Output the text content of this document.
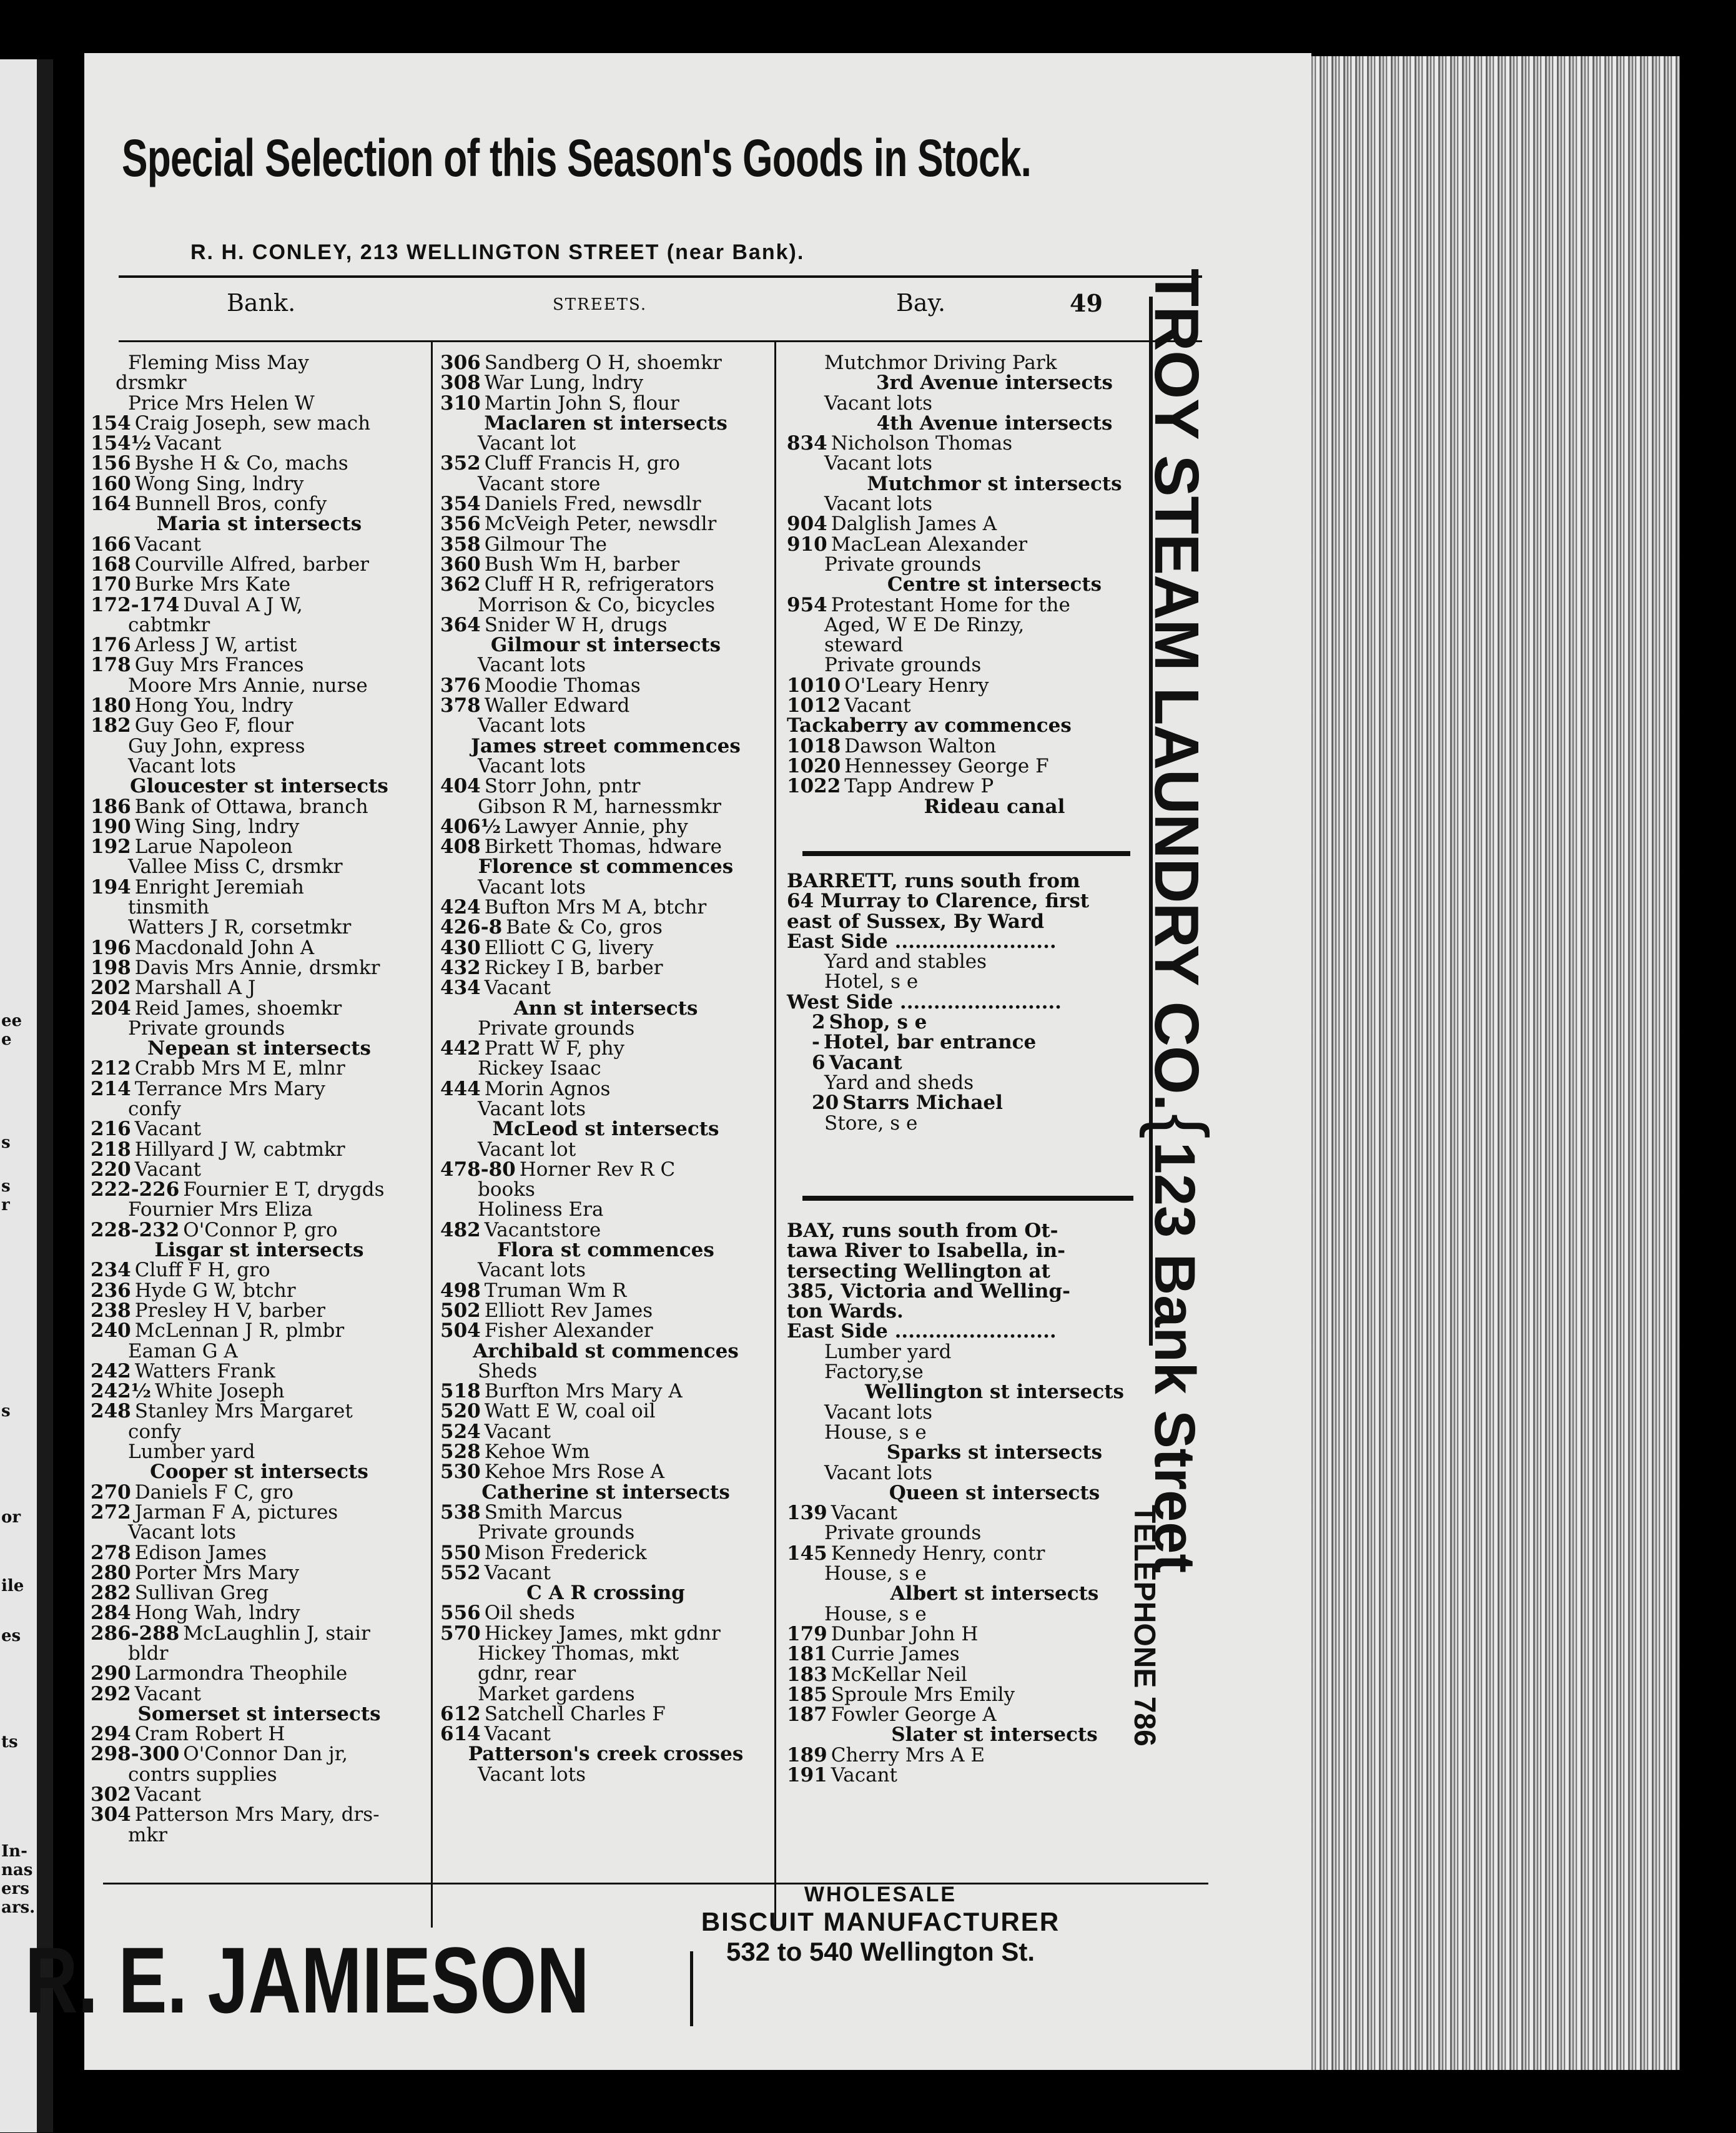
ee
e
s
s
r
s
or
ile
es
ts
In-
nas
ers
ars.
Special Selection of this Season's Goods in Stock.
R. H. CONLEY, 213 WELLINGTON STREET (near Bank).
Bank.	STREETS.	Bay.	49
Fleming Miss May
drsmkr
Price Mrs Helen W
154 Craig Joseph, sew mach
154½ Vacant
156 Byshe H & Co, machs
160 Wong Sing, lndry
164 Bunnell Bros, confy
Maria st intersects
166 Vacant
168 Courville Alfred, barber
170 Burke Mrs Kate
172-174 Duval A J W,
cabtmkr
176 Arless J W, artist
178 Guy Mrs Frances
Moore Mrs Annie, nurse
180 Hong You, lndry
182 Guy Geo F, flour
Guy John, express
Vacant lots
Gloucester st intersects
186 Bank of Ottawa, branch
190 Wing Sing, lndry
192 Larue Napoleon
Vallee Miss C, drsmkr
194 Enright Jeremiah
tinsmith
Watters J R, corsetmkr
196 Macdonald John A
198 Davis Mrs Annie, drsmkr
202 Marshall A J
204 Reid James, shoemkr
Private grounds
Nepean st intersects
212 Crabb Mrs M E, mlnr
214 Terrance Mrs Mary
confy
216 Vacant
218 Hillyard J W, cabtmkr
220 Vacant
222-226 Fournier E T, drygds
Fournier Mrs Eliza
228-232 O'Connor P, gro
Lisgar st intersects
234 Cluff F H, gro
236 Hyde G W, btchr
238 Presley H V, barber
240 McLennan J R, plmbr
Eaman G A
242 Watters Frank
242½ White Joseph
248 Stanley Mrs Margaret
confy
Lumber yard
Cooper st intersects
270 Daniels F C, gro
272 Jarman F A, pictures
Vacant lots
278 Edison James
280 Porter Mrs Mary
282 Sullivan Greg
284 Hong Wah, lndry
286-288 McLaughlin J, stair
bldr
290 Larmondra Theophile
292 Vacant
Somerset st intersects
294 Cram Robert H
298-300 O'Connor Dan jr,
contrs supplies
302 Vacant
304 Patterson Mrs Mary, drs-
mkr
306 Sandberg O H, shoemkr
308 War Lung, lndry
310 Martin John S, flour
Maclaren st intersects
Vacant lot
352 Cluff Francis H, gro
Vacant store
354 Daniels Fred, newsdlr
356 McVeigh Peter, newsdlr
358 Gilmour The
360 Bush Wm H, barber
362 Cluff H R, refrigerators
Morrison & Co, bicycles
364 Snider W H, drugs
Gilmour st intersects
Vacant lots
376 Moodie Thomas
378 Waller Edward
Vacant lots
James street commences
Vacant lots
404 Storr John, pntr
Gibson R M, harnessmkr
406½ Lawyer Annie, phy
408 Birkett Thomas, hdware
Florence st commences
Vacant lots
424 Bufton Mrs M A, btchr
426-8 Bate & Co, gros
430 Elliott C G, livery
432 Rickey I B, barber
434 Vacant
Ann st intersects
Private grounds
442 Pratt W F, phy
Rickey Isaac
444 Morin Agnos
Vacant lots
McLeod st intersects
Vacant lot
478-80 Horner Rev R C
books
Holiness Era
482 Vacantstore
Flora st commences
Vacant lots
498 Truman Wm R
502 Elliott Rev James
504 Fisher Alexander
Archibald st commences
Sheds
518 Burfton Mrs Mary A
520 Watt E W, coal oil
524 Vacant
528 Kehoe Wm
530 Kehoe Mrs Rose A
Catherine st intersects
538 Smith Marcus
Private grounds
550 Mison Frederick
552 Vacant
C A R crossing
556 Oil sheds
570 Hickey James, mkt gdnr
Hickey Thomas, mkt
gdnr, rear
Market gardens
612 Satchell Charles F
614 Vacant
Patterson's creek crosses
Vacant lots
Mutchmor Driving Park
3rd Avenue intersects
Vacant lots
4th Avenue intersects
834 Nicholson Thomas
Vacant lots
Mutchmor st intersects
Vacant lots
904 Dalglish James A
910 MacLean Alexander
Private grounds
Centre st intersects
954 Protestant Home for the
Aged, W E De Rinzy,
steward
Private grounds
1010 O'Leary Henry
1012 Vacant
Tackaberry av commences
1018 Dawson Walton
1020 Hennessey George F
1022 Tapp Andrew P
Rideau canal
BARRETT, runs south from
64 Murray to Clarence, first
east of Sussex, By Ward
East Side ........................
Yard and stables
Hotel, s e
West Side ........................
2 Shop, s e
- Hotel, bar entrance
6 Vacant
Yard and sheds
20 Starrs Michael
Store, s e
BAY, runs south from Ot-
tawa River to Isabella, in-
tersecting Wellington at
385, Victoria and Welling-
ton Wards.
East Side ........................
Lumber yard
Factory,se
Wellington st intersects
Vacant lots
House, s e
Sparks st intersects
Vacant lots
Queen st intersects
139 Vacant
Private grounds
145 Kennedy Henry, contr
House, s e
Albert st intersects
House, s e
179 Dunbar John H
181 Currie James
183 McKellar Neil
185 Sproule Mrs Emily
187 Fowler George A
Slater st intersects
189 Cherry Mrs A E
191 Vacant
TROY STEAM LAUNDRY CO. { 123 Bank Street
TELEPHONE 786
R. E. JAMIESON
WHOLESALE
BISCUIT MANUFACTURER
532 to 540 Wellington St.
